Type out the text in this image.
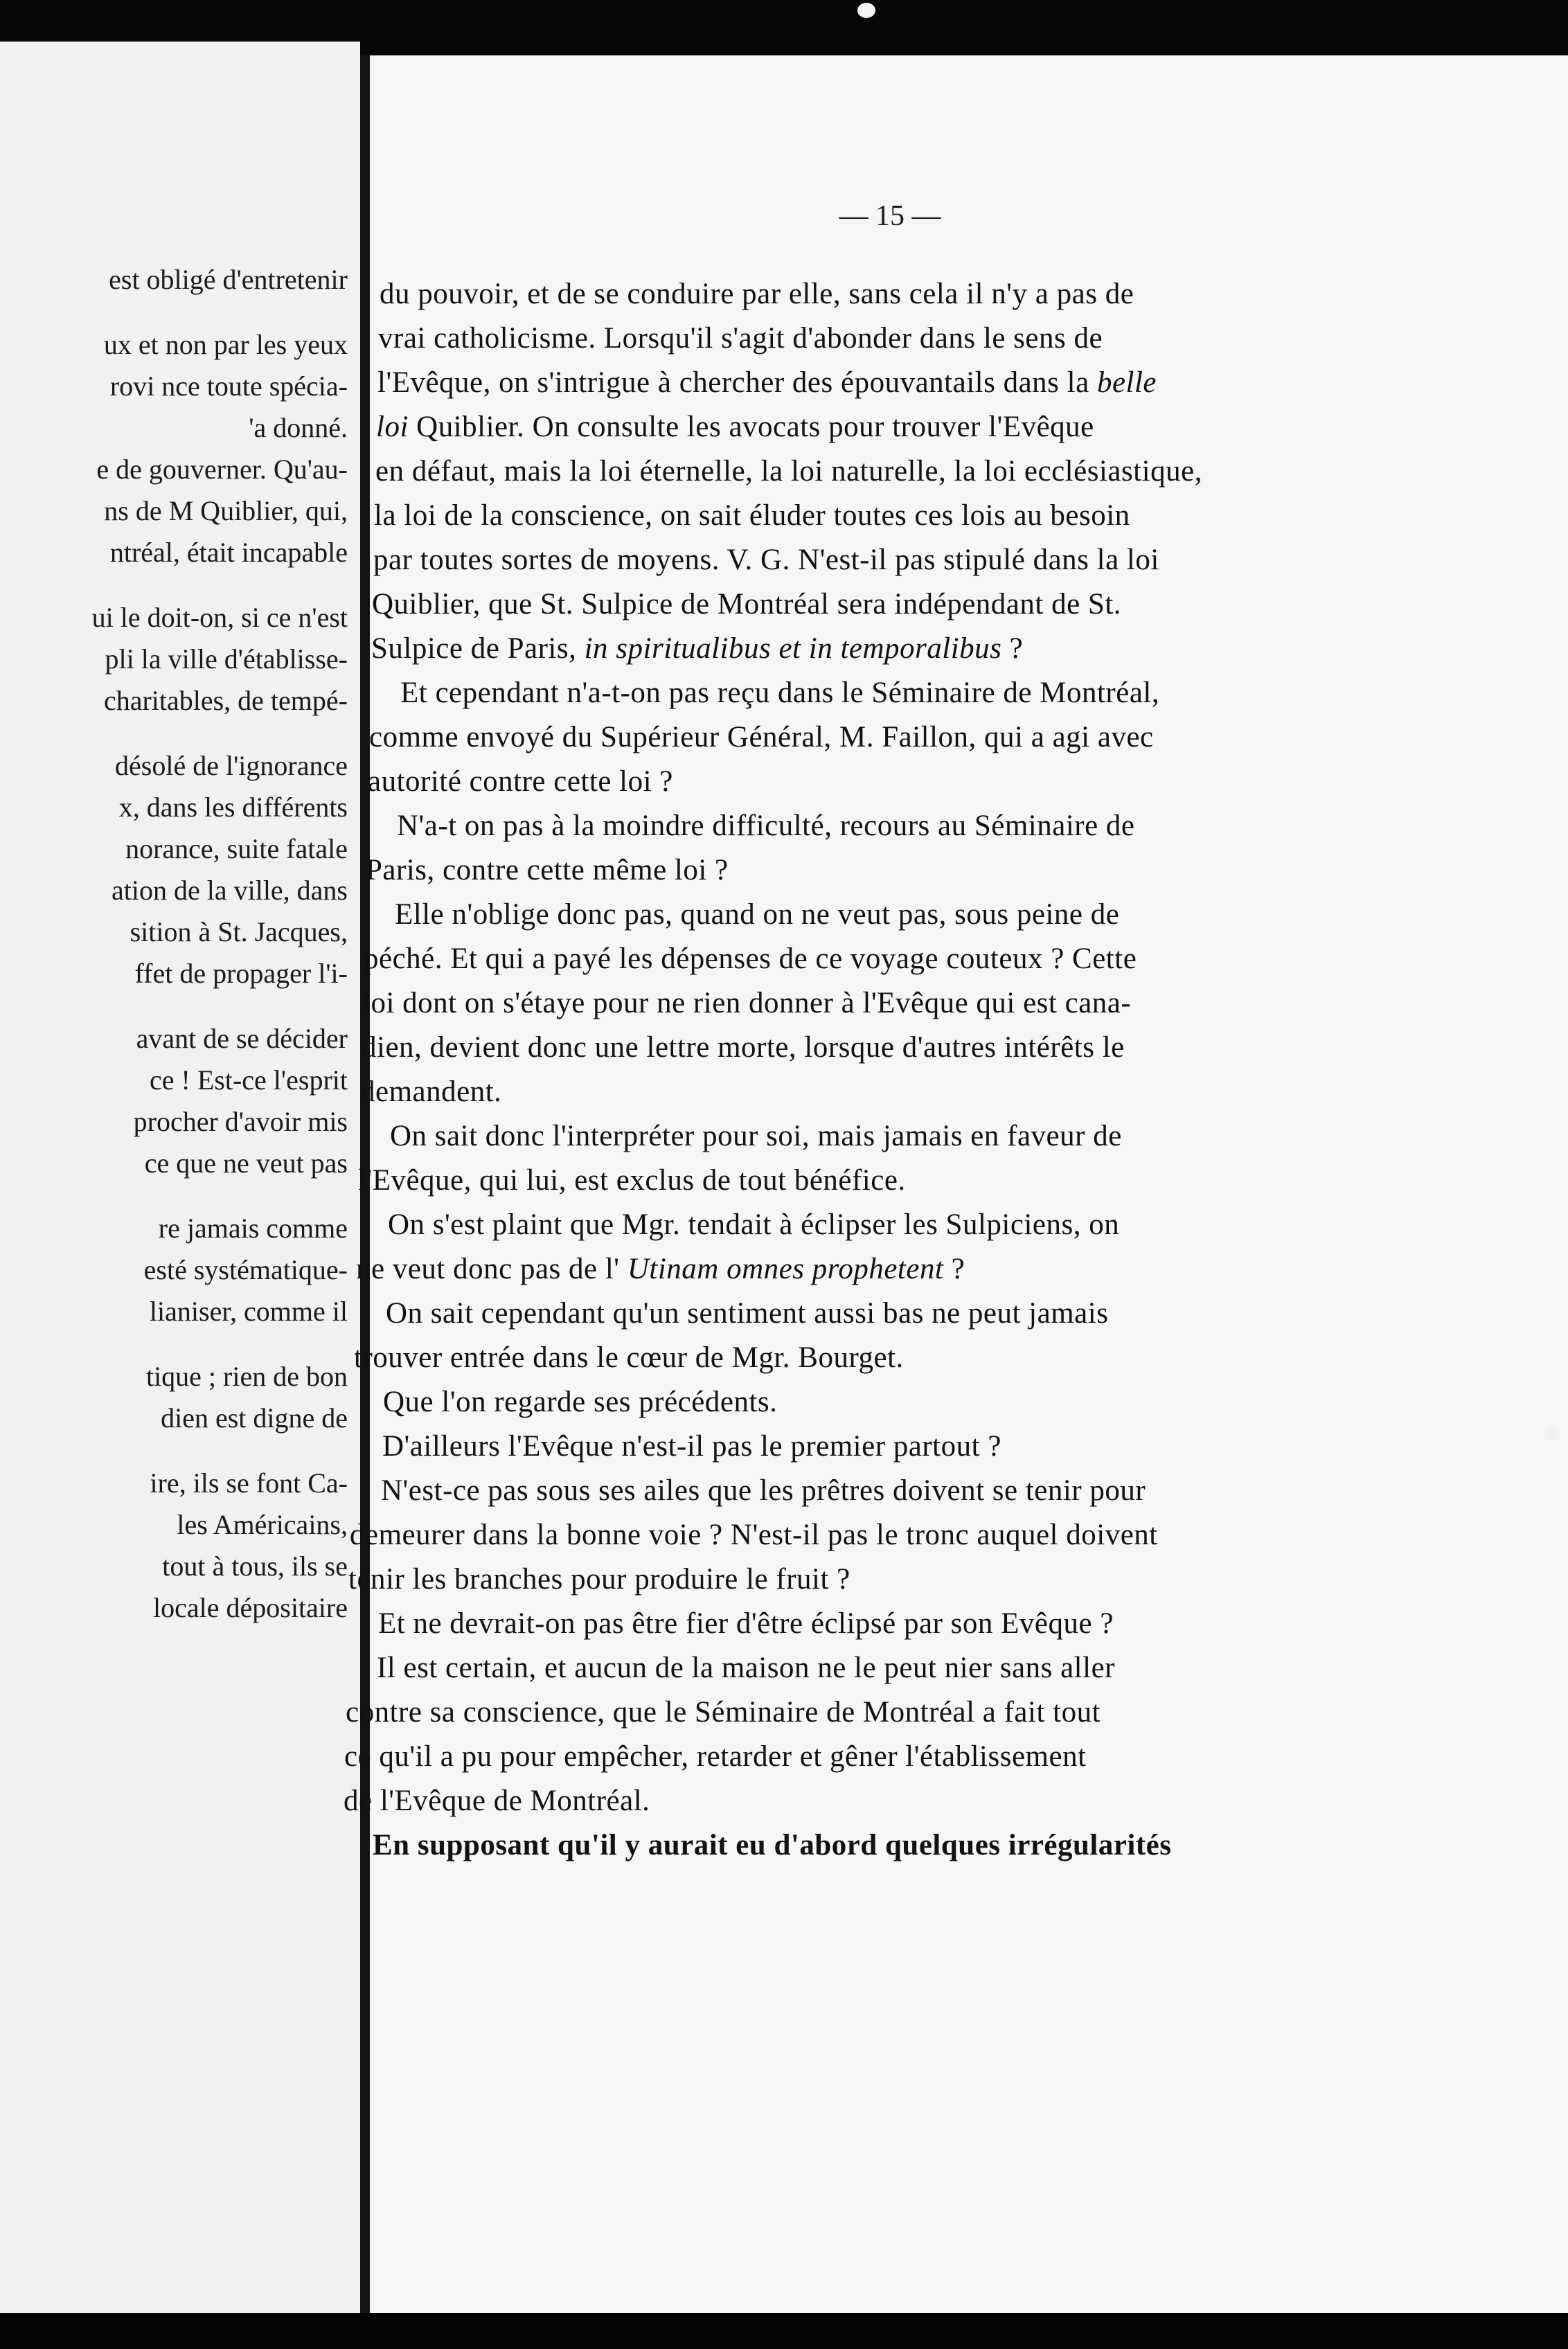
est obligé d'entretenir
ux et non par les yeux
rovi nce toute spécia-
'a donné.
e de gouverner. Qu'au-
ns de M Quiblier, qui,
ntréal, était incapable
ui le doit-on, si ce n'est
pli la ville d'établisse-
charitables, de tempé-
désolé de l'ignorance
x, dans les différents
norance, suite fatale
ation de la ville, dans
sition à St. Jacques,
ffet de propager l'i-
avant de se décider
ce ! Est-ce l'esprit
procher d'avoir mis
ce que ne veut pas
re jamais comme
esté systématique-
lianiser, comme il
tique ; rien de bon
dien est digne de
ire, ils se font Ca-
les Américains,
tout à tous, ils se
locale dépositaire
— 15 —
du pouvoir, et de se conduire par elle, sans cela il n'y a pas de
vrai catholicisme. Lorsqu'il s'agit d'abonder dans le sens de
l'Evêque, on s'intrigue à chercher des épouvantails dans la belle
loi Quiblier. On consulte les avocats pour trouver l'Evêque
en défaut, mais la loi éternelle, la loi naturelle, la loi ecclésiastique,
la loi de la conscience, on sait éluder toutes ces lois au besoin
par toutes sortes de moyens. V. G. N'est-il pas stipulé dans la loi
Quiblier, que St. Sulpice de Montréal sera indépendant de St.
Sulpice de Paris, in spiritualibus et in temporalibus ?
Et cependant n'a-t-on pas reçu dans le Séminaire de Montréal,
comme envoyé du Supérieur Général, M. Faillon, qui a agi avec
autorité contre cette loi ?
N'a-t on pas à la moindre difficulté, recours au Séminaire de
Paris, contre cette même loi ?
Elle n'oblige donc pas, quand on ne veut pas, sous peine de
péché. Et qui a payé les dépenses de ce voyage couteux ? Cette
loi dont on s'étaye pour ne rien donner à l'Evêque qui est cana-
dien, devient donc une lettre morte, lorsque d'autres intérêts le
demandent.
On sait donc l'interpréter pour soi, mais jamais en faveur de
l'Evêque, qui lui, est exclus de tout bénéfice.
On s'est plaint que Mgr. tendait à éclipser les Sulpiciens, on
ne veut donc pas de l' Utinam omnes prophetent ?
On sait cependant qu'un sentiment aussi bas ne peut jamais
trouver entrée dans le cœur de Mgr. Bourget.
Que l'on regarde ses précédents.
D'ailleurs l'Evêque n'est-il pas le premier partout ?
N'est-ce pas sous ses ailes que les prêtres doivent se tenir pour
demeurer dans la bonne voie ? N'est-il pas le tronc auquel doivent
tenir les branches pour produire le fruit ?
Et ne devrait-on pas être fier d'être éclipsé par son Evêque ?
Il est certain, et aucun de la maison ne le peut nier sans aller
contre sa conscience, que le Séminaire de Montréal a fait tout
ce qu'il a pu pour empêcher, retarder et gêner l'établissement
de l'Evêque de Montréal.
En supposant qu'il y aurait eu d'abord quelques irrégularités
